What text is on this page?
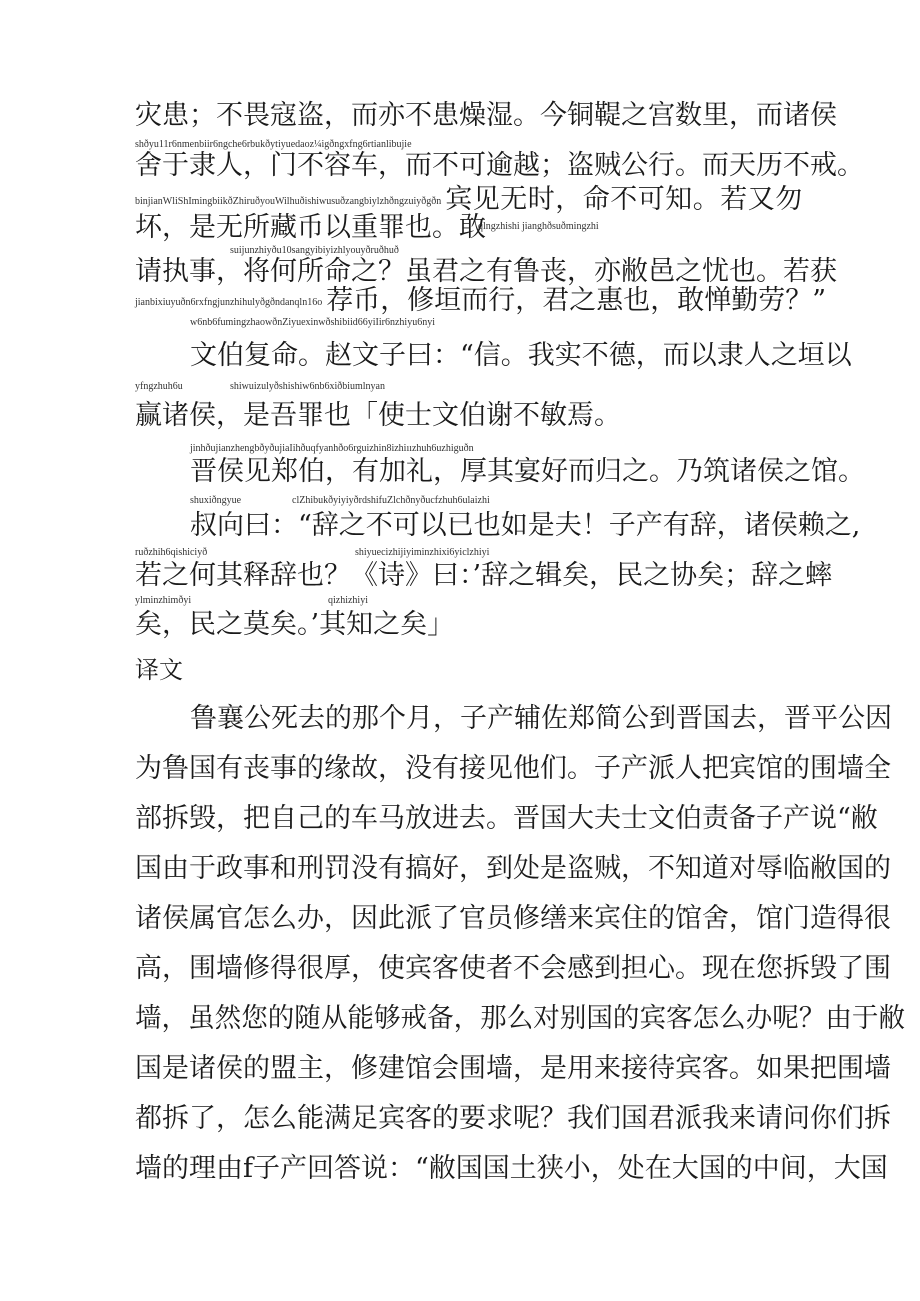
灾患；不畏寇盗，而亦不患燥湿。今铜鞮之宫数里，而诸侯
shðyu11r6nmenbiir6ngche6rbukðytiyuedaoz¼igðngxfng6rtianlibujie
舍于隶人，门不容车，而不可逾越；盗贼公行。而天历不戒。
binjianWliShImingbiikðZhiruðyouWilhuðishiwusuðzangbiylzhðngzuiyðgðn 宾见无时，命不可知。若又勿
坏，是无所藏币以重罪也。敢
qlngzhishi jianghðsuðmingzhi
suijunzhiyðu10sangyibiyizhlyouyðruðhuð
请执事，将何所命之？虽君之有鲁丧，亦敝邑之忧也。若获
jianbixiuyuðn6rxfngjunzhihulyðgðndanqln16o 荐币，修垣而行，君之惠也，敢惮勤劳？”
w6nb6fumingzhaowðnZiyuexinwðshibiid66yiIir6nzhiyu6nyi
文伯复命。赵文子曰：“信。我实不德，而以隶人之垣以
yfngzhuh6u	shiwuizulyðshishiw6nb6xiðbiumlnyan
赢诸侯，是吾罪也「使士文伯谢不敏焉。
jinhðujianzhengbðyðujiaIihðuqfyanhðo6rguizhin8izhiıızhuh6uzhiguðn
晋侯见郑伯，有加礼，厚其宴好而归之。乃筑诸侯之馆。
shuxiðngyue	clZhibukðyiyiyðrdshifuZlchðnyðucfzhuh6ulaizhi
叔向曰：“辞之不可以已也如是夫！子产有辞，诸侯赖之,
ruðzhih6qishiciyð	shiyuecizhijiyiminzhixi6yiclzhiyi
若之何其释辞也？《诗》曰：’辞之辑矣，民之协矣；辞之蟀
ylminzhimðyi	qizhizhiyi
矣，民之莫矣。’其知之矣」
译文
鲁襄公死去的那个月，子产辅佐郑简公到晋国去，晋平公因
为鲁国有丧事的缘故，没有接见他们。子产派人把宾馆的围墙全
部拆毁，把自己的车马放进去。晋国大夫士文伯责备子产说“敝
国由于政事和刑罚没有搞好，到处是盗贼，不知道对辱临敝国的
诸侯属官怎么办，因此派了官员修缮来宾住的馆舍，馆门造得很
高，围墙修得很厚，使宾客使者不会感到担心。现在您拆毁了围
墙，虽然您的随从能够戒备，那么对别国的宾客怎么办呢？由于敝
国是诸侯的盟主，修建馆会围墙，是用来接待宾客。如果把围墙
都拆了，怎么能满足宾客的要求呢？我们国君派我来请问你们拆
墙的理由f子产回答说：“敝国国土狭小，处在大国的中间，大国
